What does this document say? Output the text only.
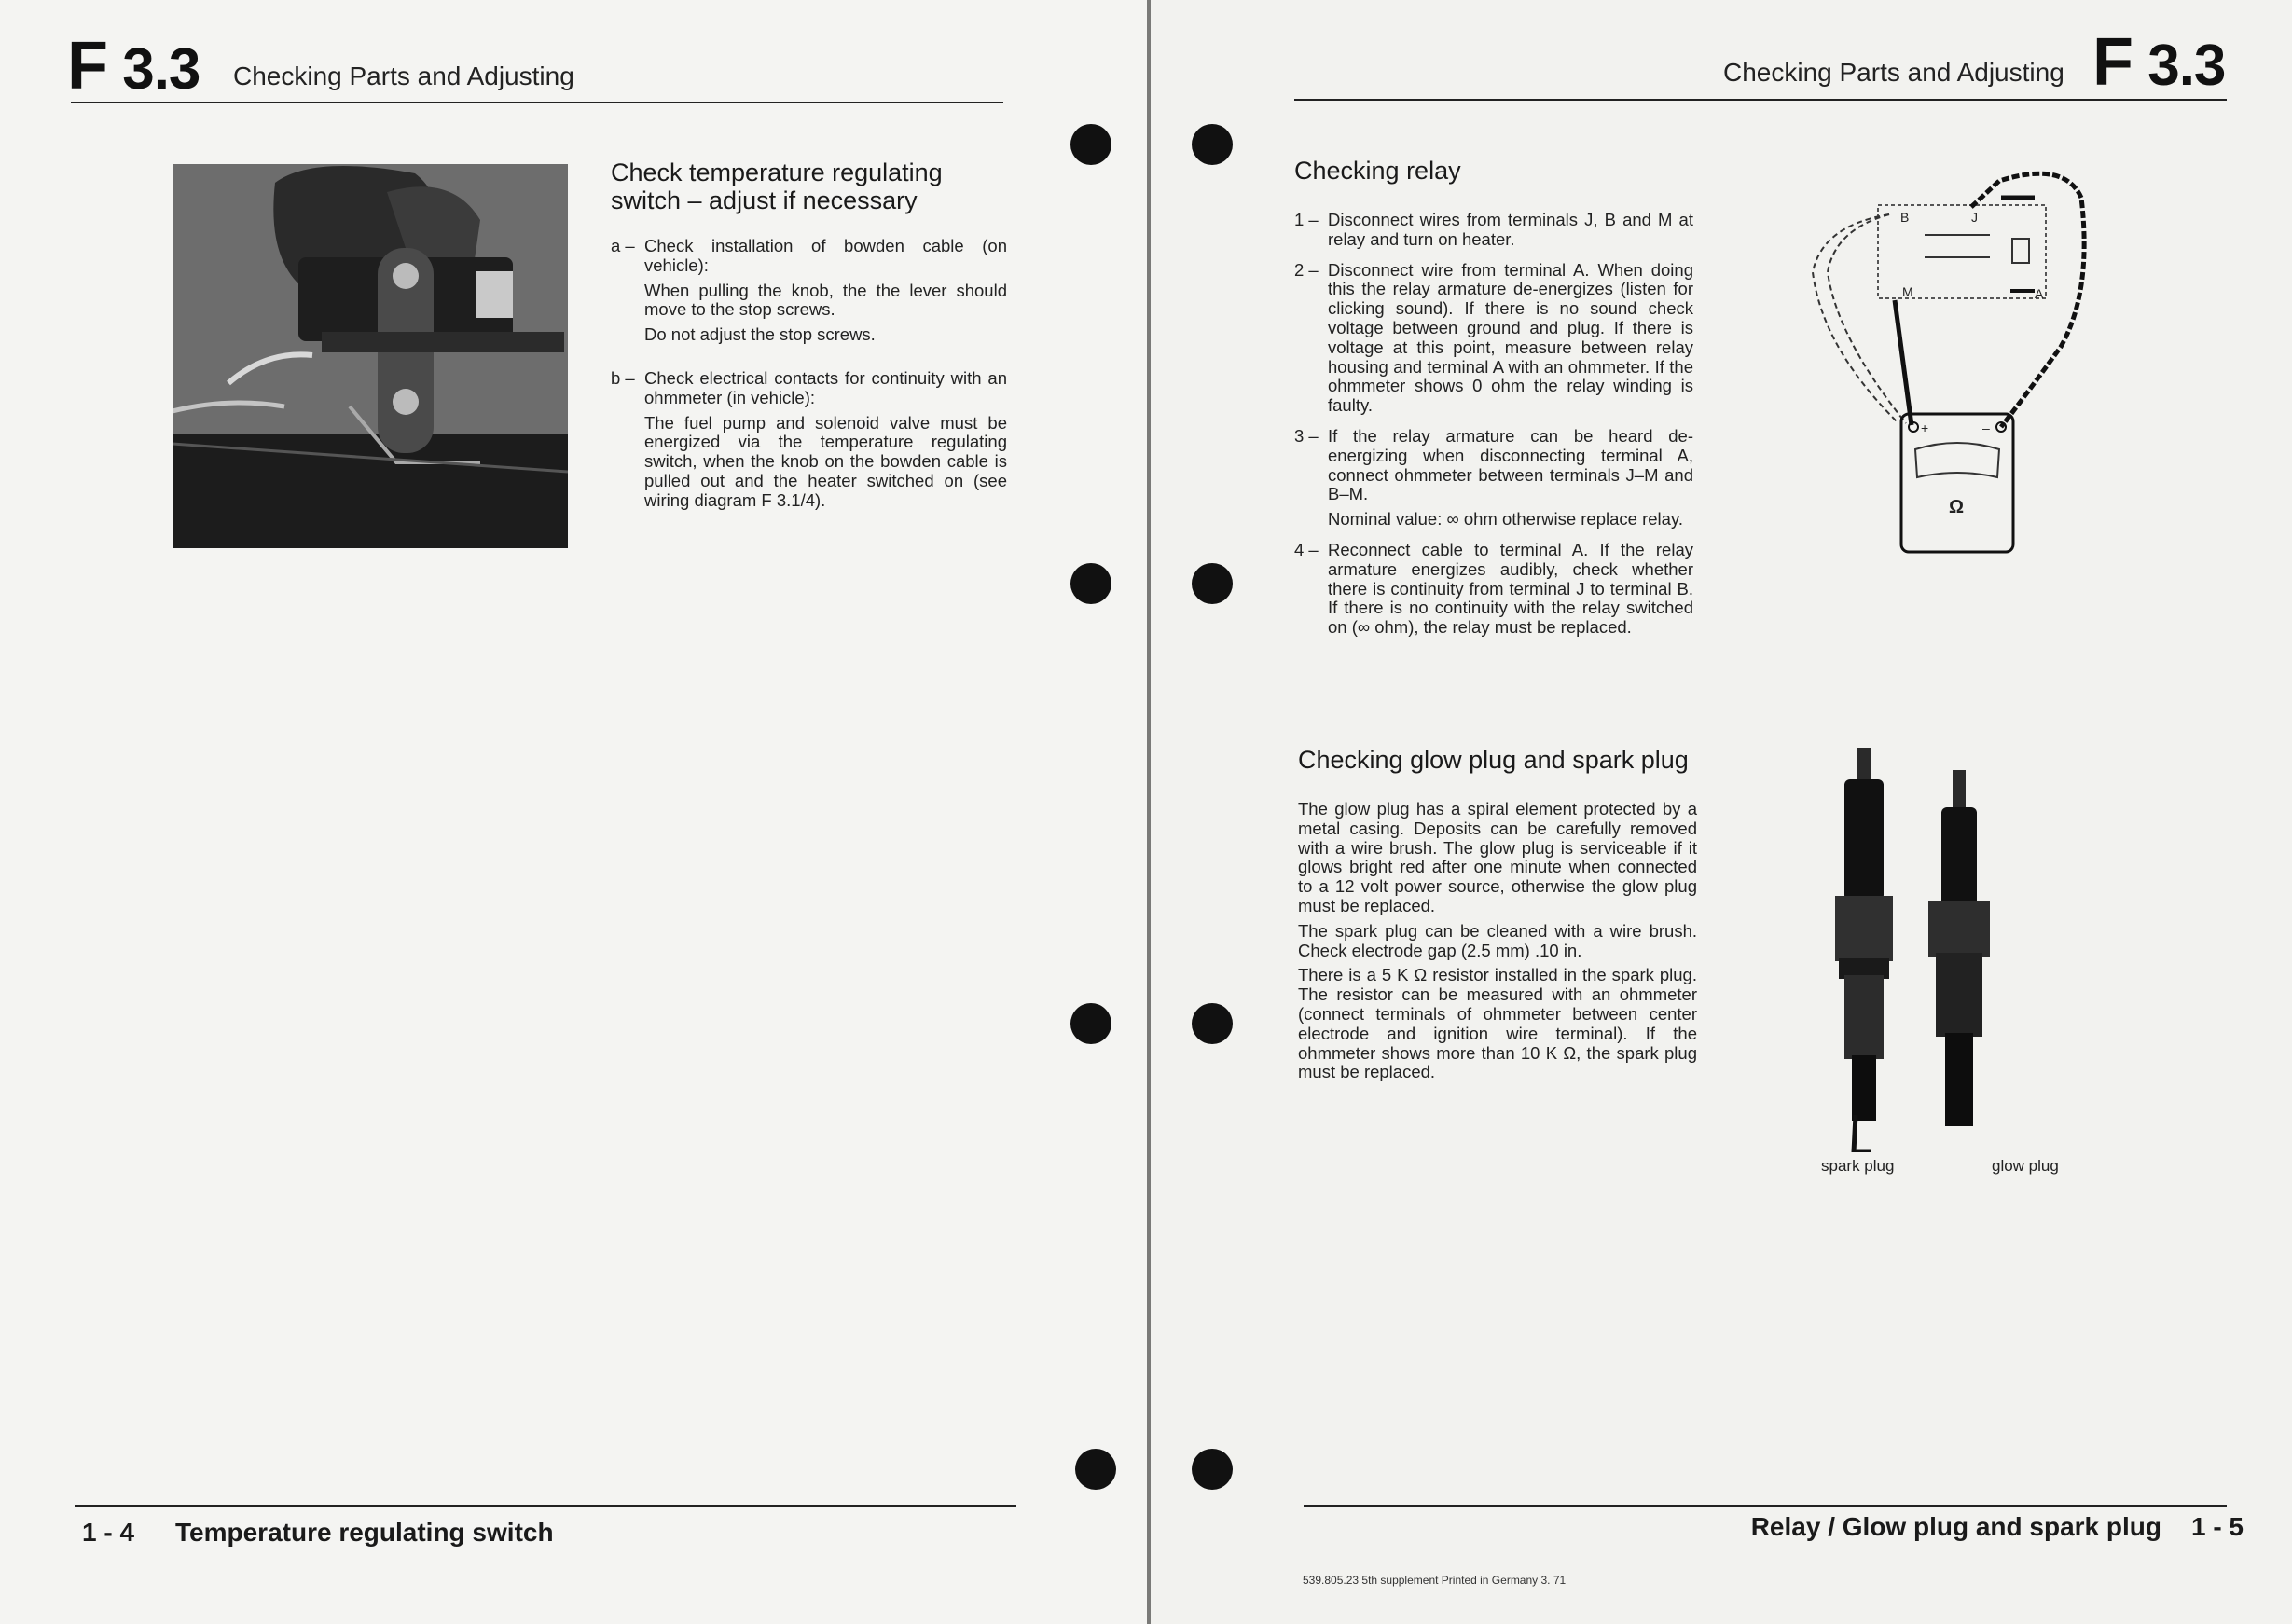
F 3.3 Checking Parts and Adjusting
Check temperature regulating switch – adjust if necessary
a – Check installation of bowden cable (on vehicle):
When pulling the knob, the the lever should move to the stop screws.
Do not adjust the stop screws.
b – Check electrical contacts for continuity with an ohmmeter (in vehicle):
The fuel pump and solenoid valve must be energized via the temperature regulating switch, when the knob on the bowden cable is pulled out and the heater switched on (see wiring diagram F 3.1/4).
1 - 4 Temperature regulating switch
Checking Parts and Adjusting F 3.3
Checking relay
1 – Disconnect wires from terminals J, B and M at relay and turn on heater.
2 – Disconnect wire from terminal A. When doing this the relay armature de-energizes (listen for clicking sound). If there is no sound check voltage between ground and plug. If there is voltage at this point, measure between relay housing and terminal A with an ohmmeter. If the ohmmeter shows 0 ohm the relay winding is faulty.
3 – If the relay armature can be heard de-energizing when disconnecting terminal A, connect ohmmeter between terminals J–M and B–M.
Nominal value: ∞ ohm otherwise replace relay.
4 – Reconnect cable to terminal A. If the relay armature energizes audibly, check whether there is continuity from terminal J to terminal B. If there is no continuity with the relay switched on (∞ ohm), the relay must be replaced.
B	J
M	A
+	–
Ω
Checking glow plug and spark plug
The glow plug has a spiral element protected by a metal casing. Deposits can be carefully removed with a wire brush. The glow plug is serviceable if it glows bright red after one minute when connected to a 12 volt power source, otherwise the glow plug must be replaced.
The spark plug can be cleaned with a wire brush. Check electrode gap (2.5 mm) .10 in.
There is a 5 K Ω resistor installed in the spark plug. The resistor can be measured with an ohmmeter (connect terminals of ohmmeter between center electrode and ignition wire terminal). If the ohmmeter shows more than 10 K Ω, the spark plug must be replaced.
spark plug	glow plug
Relay / Glow plug and spark plug 1 - 5
539.805.23 5th supplement Printed in Germany 3. 71
